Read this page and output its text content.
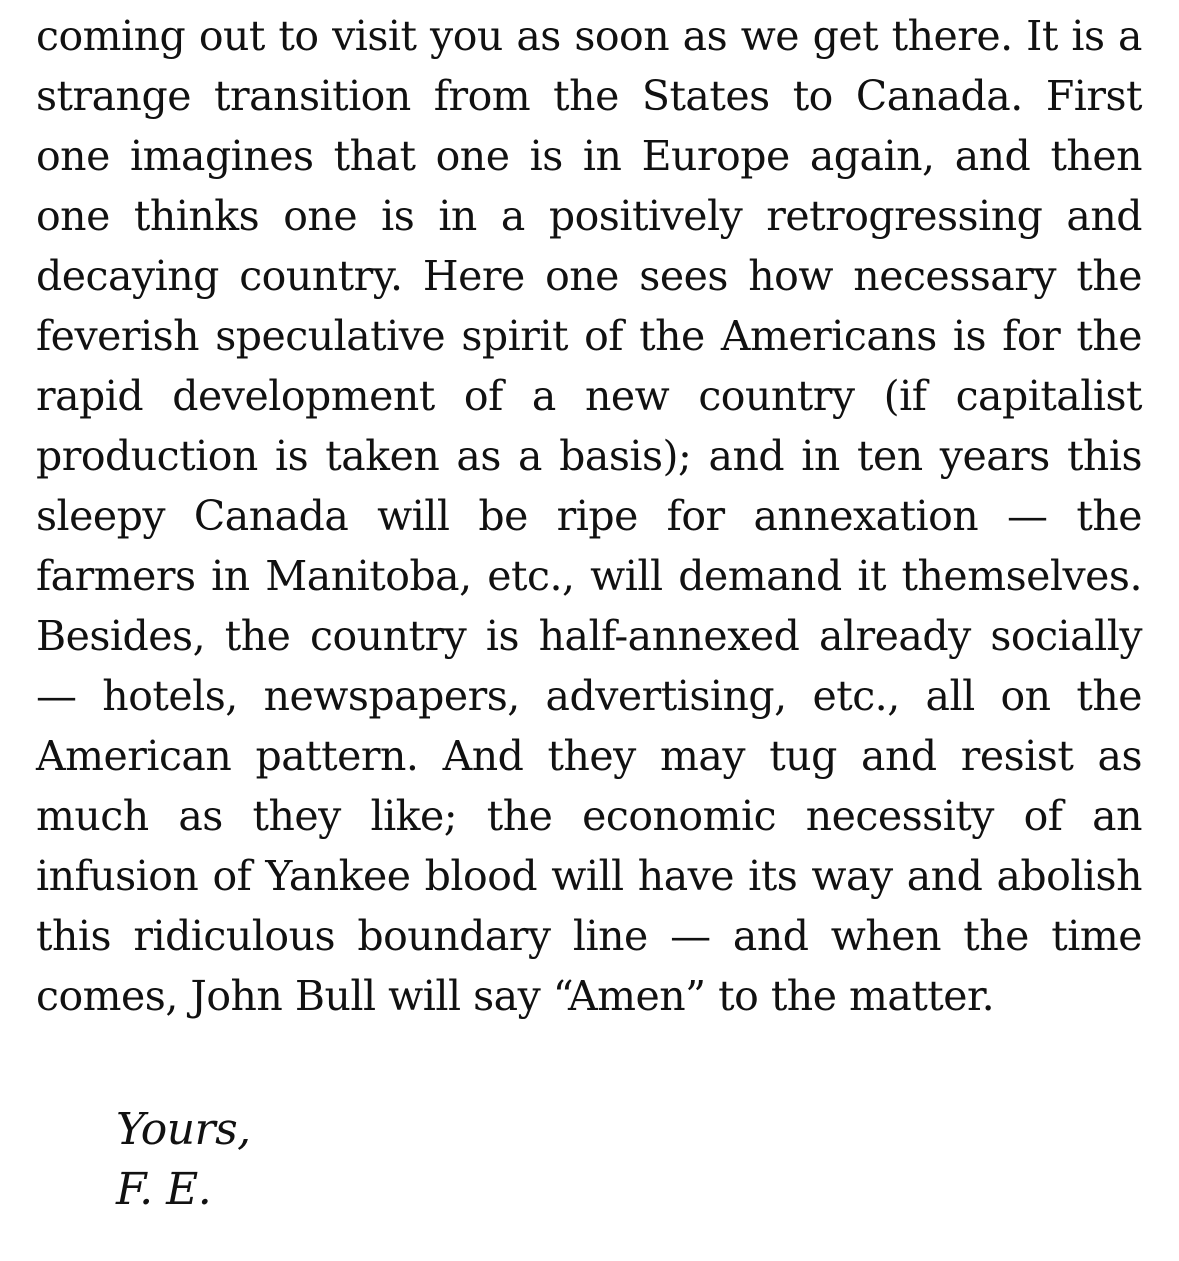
coming out to visit you as soon as we get there. It is a strange transition from the States to Canada. First one imagines that one is in Europe again, and then one thinks one is in a positively retrogressing and decaying country. Here one sees how necessary the feverish speculative spirit of the Americans is for the rapid development of a new country (if capitalist production is taken as a basis); and in ten years this sleepy Canada will be ripe for annexation — the farmers in Manitoba, etc., will demand it themselves. Besides, the country is half-annexed already socially — hotels, newspapers, advertising, etc., all on the American pattern. And they may tug and resist as much as they like; the economic necessity of an infusion of Yankee blood will have its way and abolish this ridiculous boundary line — and when the time comes, John Bull will say “Amen” to the matter.

Yours,
F. E.
